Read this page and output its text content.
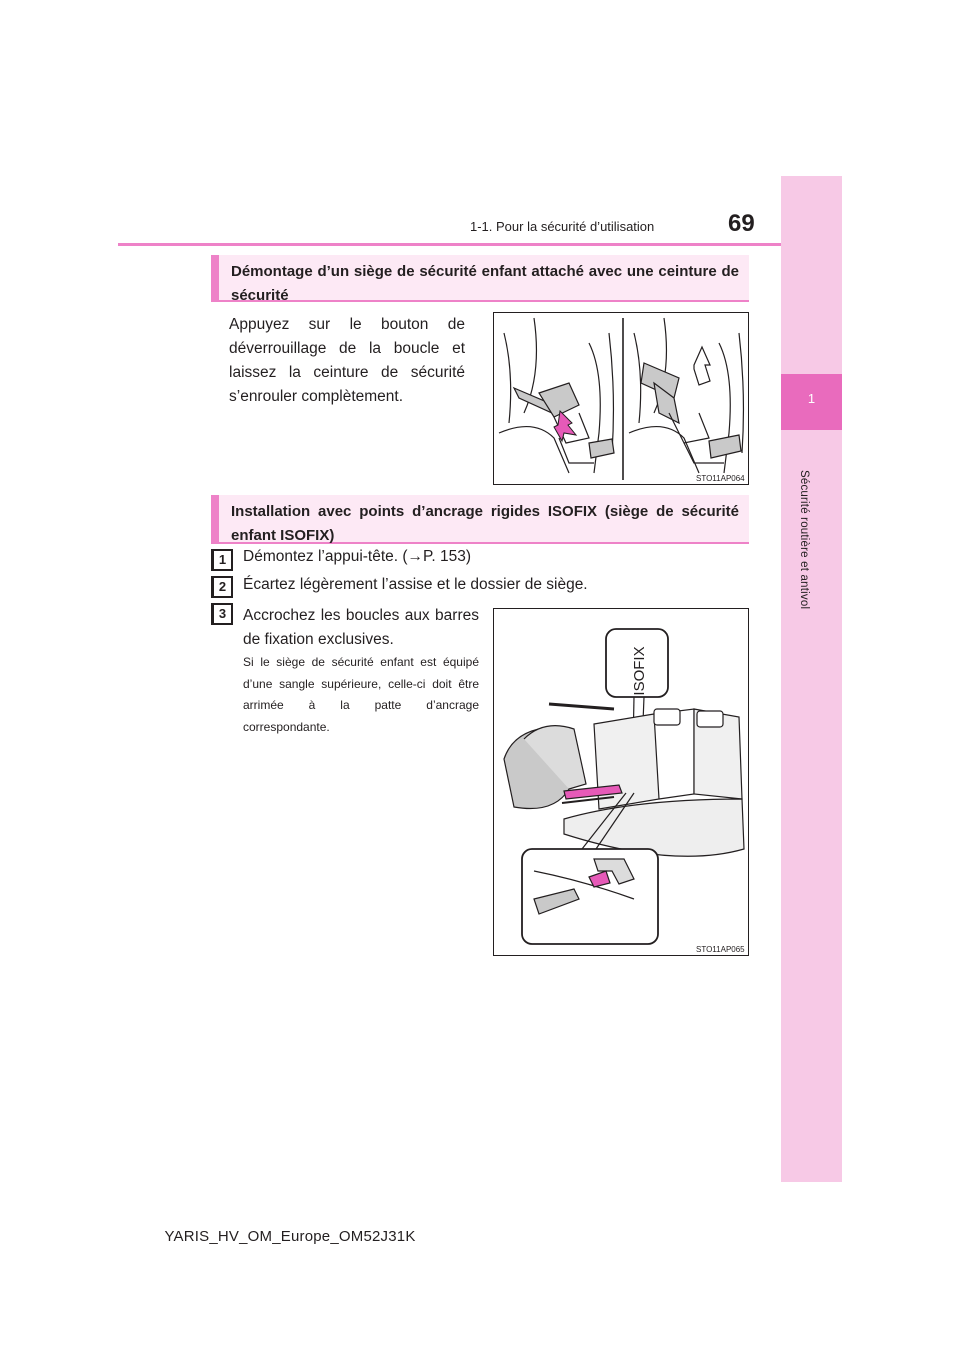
1-1. Pour la sécurité d’utilisation	69
1
Sécurité routière et antivol
Démontage d’un siège de sécurité enfant attaché avec une ceinture de sécurité
Appuyez sur le bouton de déverrouillage de la boucle et laissez la ceinture de sécurité s’enrouler complètement.
STO11AP064
Installation avec points d’ancrage rigides ISOFIX (siège de sécurité enfant ISOFIX)
1	Démontez l’appui-tête. (→P. 153)
2	Écartez légèrement l’assise et le dossier de siège.
3	Accrochez les boucles aux barres de fixation exclusives.
Si le siège de sécurité enfant est équipé d’une sangle supérieure, celle-ci doit être arrimée à la patte d’ancrage correspondante.
ISOFIX
STO11AP065
YARIS_HV_OM_Europe_OM52J31K
